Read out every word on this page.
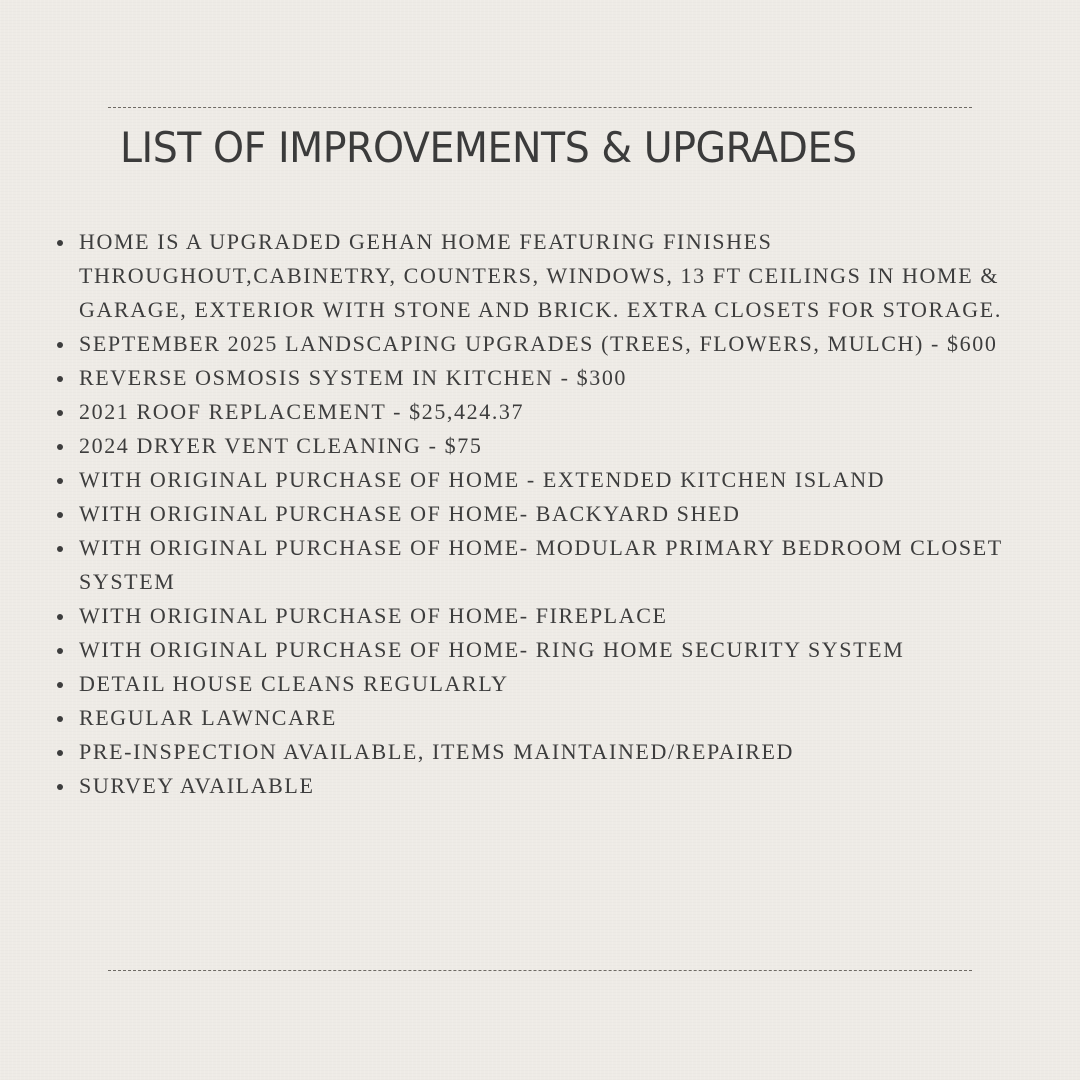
LIST OF IMPROVEMENTS & UPGRADES
HOME IS A UPGRADED GEHAN HOME FEATURING FINISHES THROUGHOUT,CABINETRY, COUNTERS, WINDOWS, 13 FT CEILINGS IN HOME & GARAGE, EXTERIOR WITH STONE AND BRICK. EXTRA CLOSETS FOR STORAGE.
SEPTEMBER 2025 LANDSCAPING UPGRADES (TREES, FLOWERS, MULCH) - $600
REVERSE OSMOSIS SYSTEM IN KITCHEN - $300
2021 ROOF REPLACEMENT - $25,424.37
2024 DRYER VENT CLEANING - $75
WITH ORIGINAL PURCHASE OF HOME - EXTENDED KITCHEN ISLAND
WITH ORIGINAL PURCHASE OF HOME- BACKYARD SHED
WITH ORIGINAL PURCHASE OF HOME- MODULAR PRIMARY BEDROOM CLOSET SYSTEM
WITH ORIGINAL PURCHASE OF HOME- FIREPLACE
WITH ORIGINAL PURCHASE OF HOME- RING HOME SECURITY SYSTEM
DETAIL HOUSE CLEANS REGULARLY
REGULAR LAWNCARE
PRE-INSPECTION AVAILABLE, ITEMS MAINTAINED/REPAIRED
SURVEY AVAILABLE
